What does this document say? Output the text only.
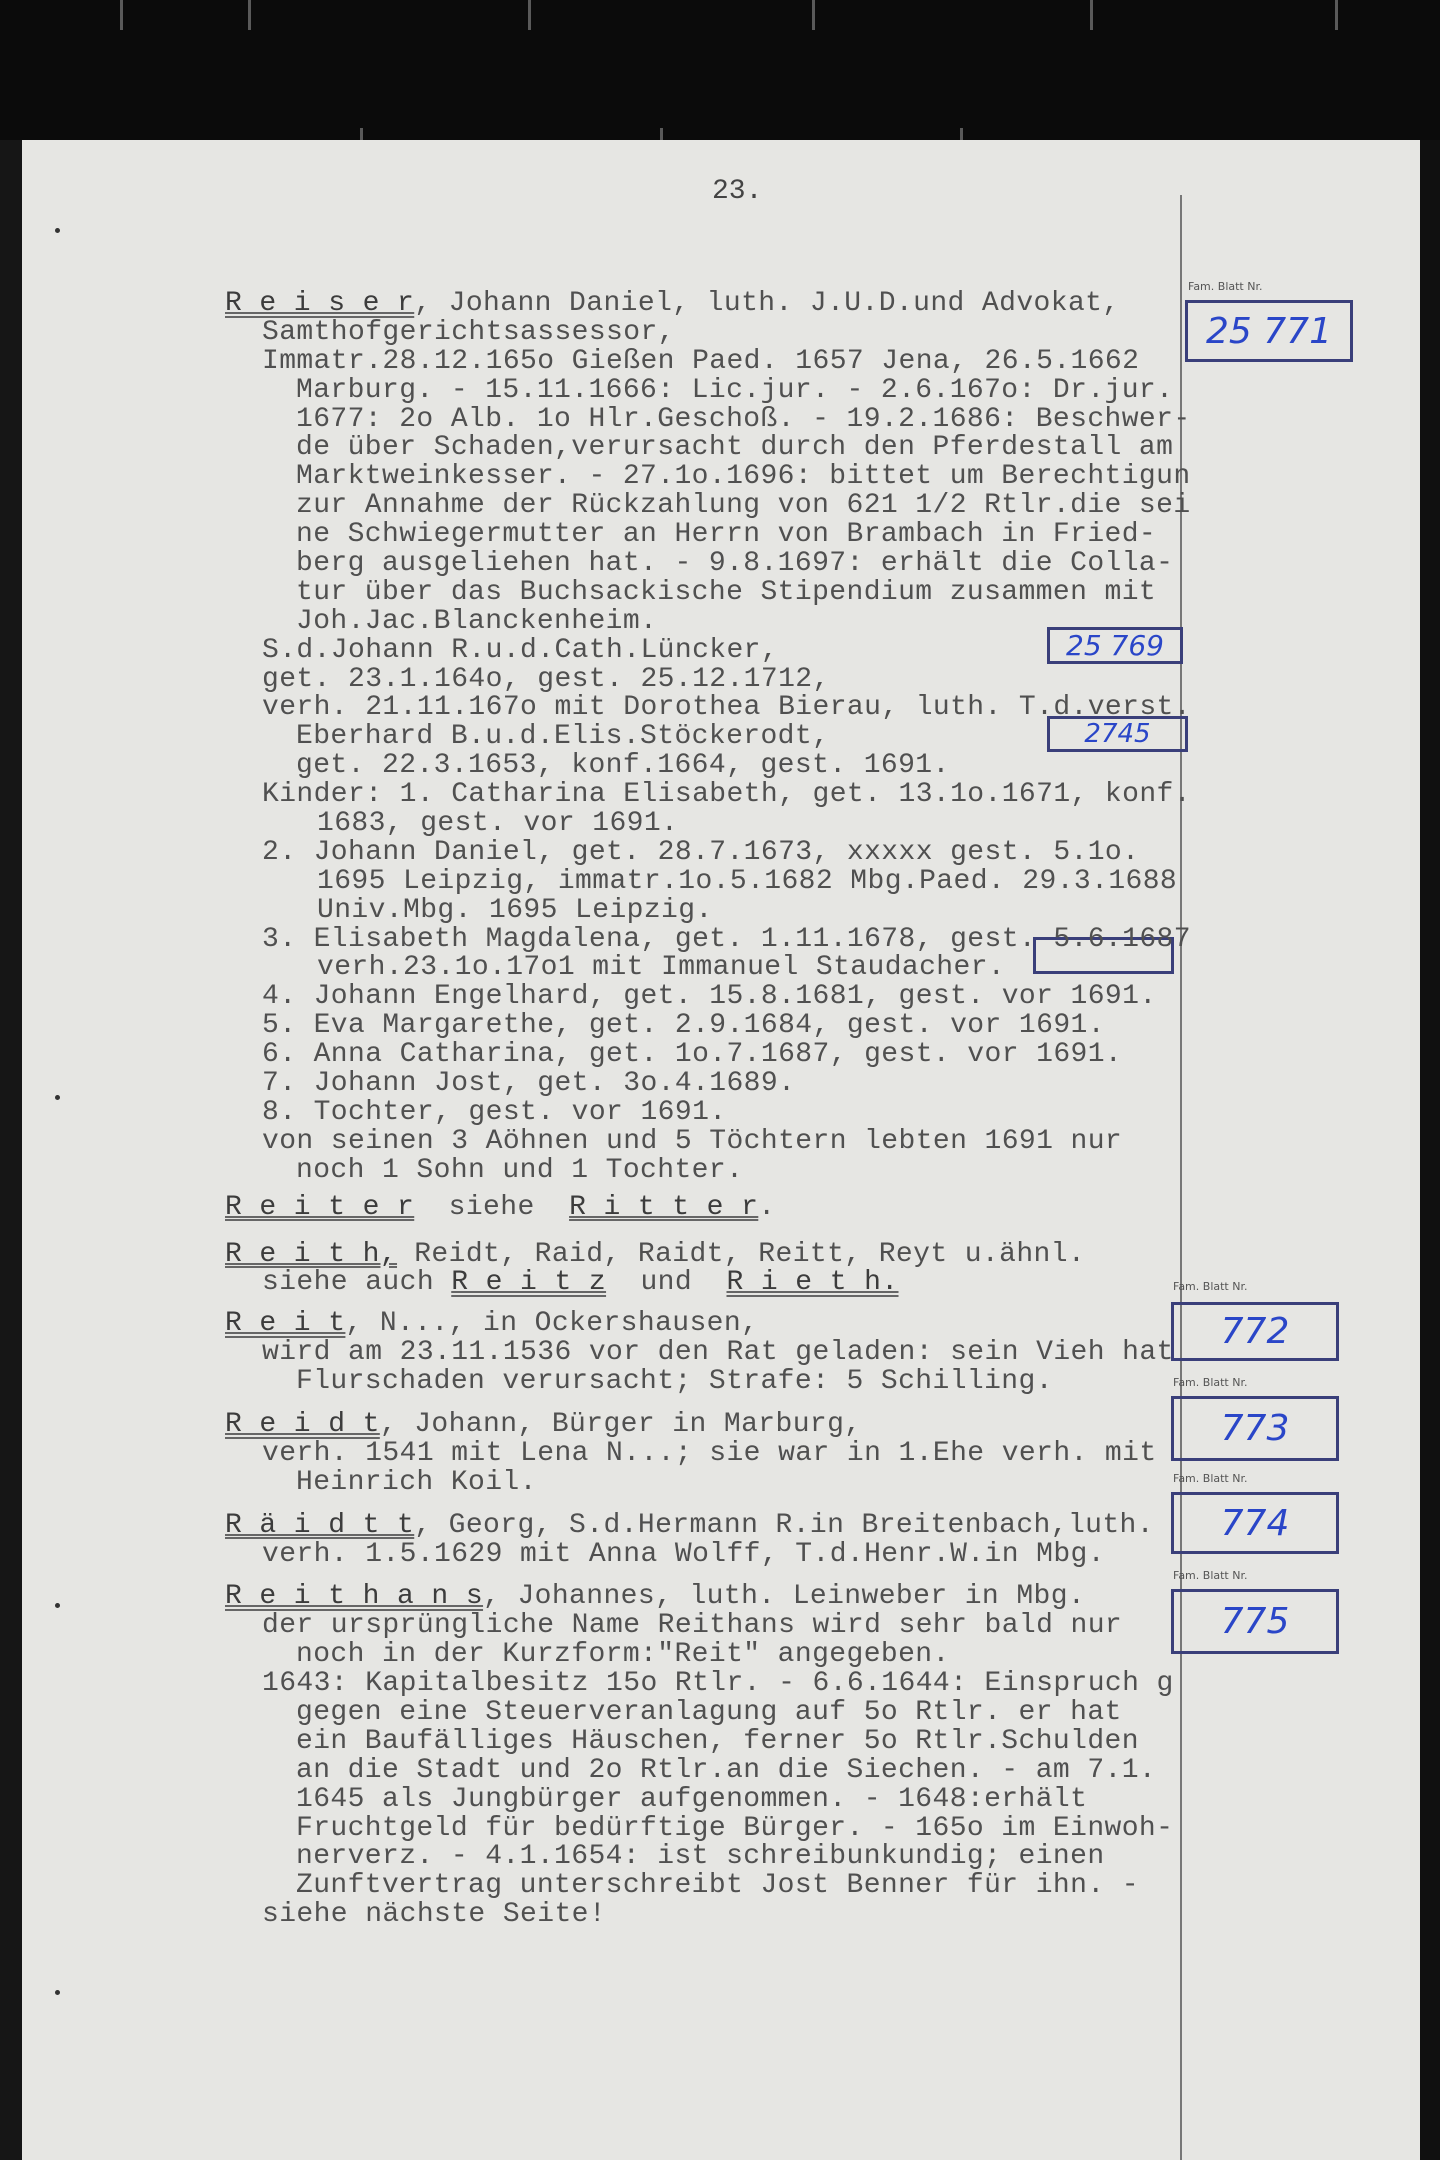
23.
Fam. Blatt Nr.
25 771
25 769
2745
Fam. Blatt Nr.
772
Fam. Blatt Nr.
773
Fam. Blatt Nr.
774
Fam. Blatt Nr.
775
R e i s e r, Johann Daniel, luth. J.U.D.und Advokat,
Samthofgerichtsassessor,
Immatr.28.12.165o Gießen Paed. 1657 Jena, 26.5.1662
Marburg. - 15.11.1666: Lic.jur. - 2.6.167o: Dr.jur.
1677: 2o Alb. 1o Hlr.Geschoß. - 19.2.1686: Beschwer-
de über Schaden,verursacht durch den Pferdestall am
Marktweinkesser. - 27.1o.1696: bittet um Berechtigun
zur Annahme der Rückzahlung von 621 1/2 Rtlr.die sei
ne Schwiegermutter an Herrn von Brambach in Fried-
berg ausgeliehen hat. - 9.8.1697: erhält die Colla-
tur über das Buchsackische Stipendium zusammen mit
Joh.Jac.Blanckenheim.
S.d.Johann R.u.d.Cath.Lüncker,
get. 23.1.164o, gest. 25.12.1712,
verh. 21.11.167o mit Dorothea Bierau, luth. T.d.verst.
Eberhard B.u.d.Elis.Stöckerodt,
get. 22.3.1653, konf.1664, gest. 1691.
Kinder: 1. Catharina Elisabeth, get. 13.1o.1671, konf.
1683, gest. vor 1691.
2. Johann Daniel, get. 28.7.1673, xxxxx gest. 5.1o.
1695 Leipzig, immatr.1o.5.1682 Mbg.Paed. 29.3.1688
Univ.Mbg. 1695 Leipzig.
3. Elisabeth Magdalena, get. 1.11.1678, gest. 5.6.1687
verh.23.1o.17o1 mit Immanuel Staudacher.
4. Johann Engelhard, get. 15.8.1681, gest. vor 1691.
5. Eva Margarethe, get. 2.9.1684, gest. vor 1691.
6. Anna Catharina, get. 1o.7.1687, gest. vor 1691.
7. Johann Jost, get. 3o.4.1689.
8. Tochter, gest. vor 1691.
von seinen 3 Aöhnen und 5 Töchtern lebten 1691 nur
noch 1 Sohn und 1 Tochter.
R e i t e r  siehe  R i t t e r.
R e i t h, Reidt, Raid, Raidt, Reitt, Reyt u.ähnl.
siehe auch R e i t z  und  R i e t h.
R e i t, N..., in Ockershausen,
wird am 23.11.1536 vor den Rat geladen: sein Vieh hat
Flurschaden verursacht; Strafe: 5 Schilling.
R e i d t, Johann, Bürger in Marburg,
verh. 1541 mit Lena N...; sie war in 1.Ehe verh. mit
Heinrich Koil.
R ä i d t t, Georg, S.d.Hermann R.in Breitenbach,luth.
verh. 1.5.1629 mit Anna Wolff, T.d.Henr.W.in Mbg.
R e i t h a n s, Johannes, luth. Leinweber in Mbg.
der ursprüngliche Name Reithans wird sehr bald nur
noch in der Kurzform:"Reit" angegeben.
1643: Kapitalbesitz 15o Rtlr. - 6.6.1644: Einspruch g
gegen eine Steuerveranlagung auf 5o Rtlr. er hat
ein Baufälliges Häuschen, ferner 5o Rtlr.Schulden
an die Stadt und 2o Rtlr.an die Siechen. - am 7.1.
1645 als Jungbürger aufgenommen. - 1648:erhält
Fruchtgeld für bedürftige Bürger. - 165o im Einwoh-
nerverz. - 4.1.1654: ist schreibunkundig; einen
Zunftvertrag unterschreibt Jost Benner für ihn. -
siehe nächste Seite!
